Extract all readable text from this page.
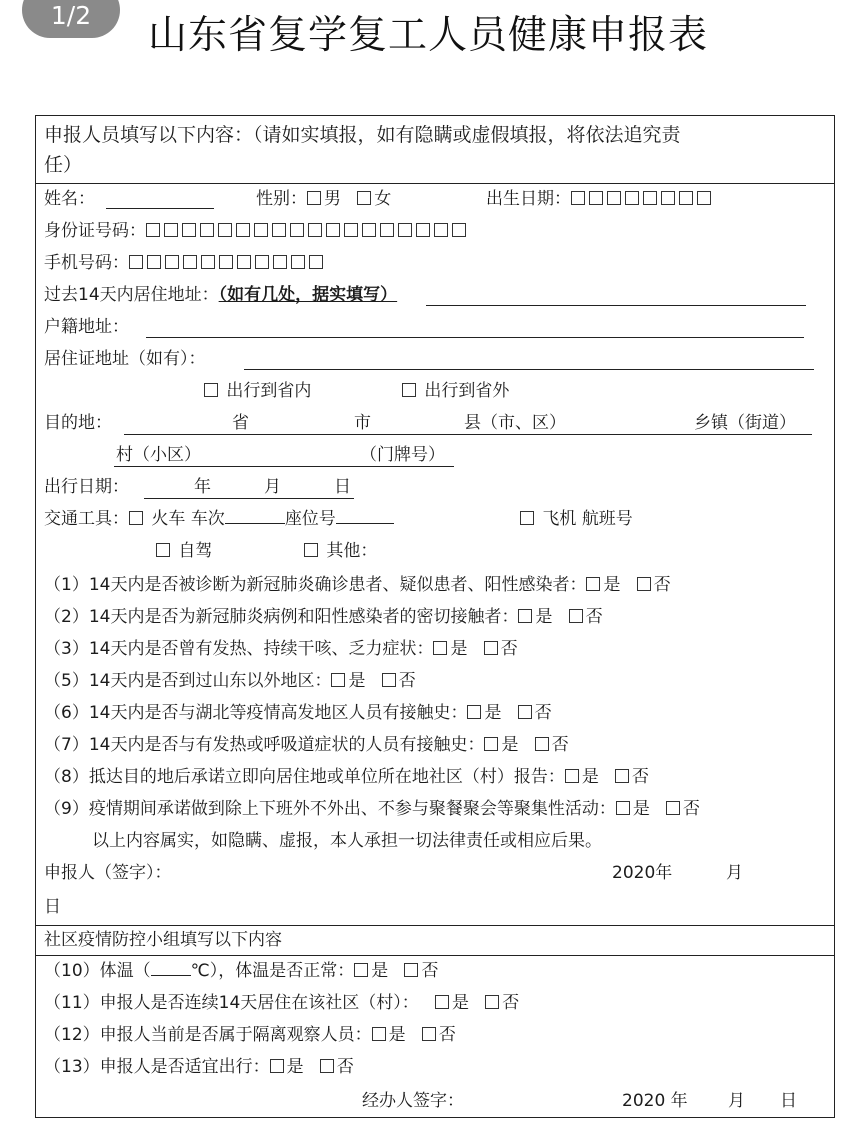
1/2	山东省复学复工人员健康申报表
申报人员填写以下内容：（请如实填报，如有隐瞒或虚假填报，将依法追究责
任）
姓名：	性别： 男 女	出生日期：
身份证号码：
手机号码：
过去14天内居住地址：（如有几处，据实填写）
户籍地址：
居住证地址（如有）：
出行到省内	出行到省外
目的地：	省	市	县（市、区）	乡镇（街道）
村（小区）	（门牌号）
出行日期：	年	月	日
交通工具： 火车 车次	座位号	飞机 航班号
自驾	其他：
（1）14天内是否被诊断为新冠肺炎确诊患者、疑似患者、阳性感染者： 是 否
（2）14天内是否为新冠肺炎病例和阳性感染者的密切接触者： 是 否
（3）14天内是否曾有发热、持续干咳、乏力症状： 是 否
（5）14天内是否到过山东以外地区： 是 否
（6）14天内是否与湖北等疫情高发地区人员有接触史： 是 否
（7）14天内是否与有发热或呼吸道症状的人员有接触史： 是 否
（8）抵达目的地后承诺立即向居住地或单位所在地社区（村）报告： 是 否
（9）疫情期间承诺做到除上下班外不外出、不参与聚餐聚会等聚集性活动： 是 否
以上内容属实，如隐瞒、虚报，本人承担一切法律责任或相应后果。
申报人（签字）：	2020年	月
日
社区疫情防控小组填写以下内容
（10）体温（ ℃），体温是否正常： 是 否
（11）申报人是否连续14天居住在该社区（村）： 是 否
（12）申报人当前是否属于隔离观察人员： 是 否
（13）申报人是否适宜出行： 是 否
经办人签字：	2020 年 月 日
